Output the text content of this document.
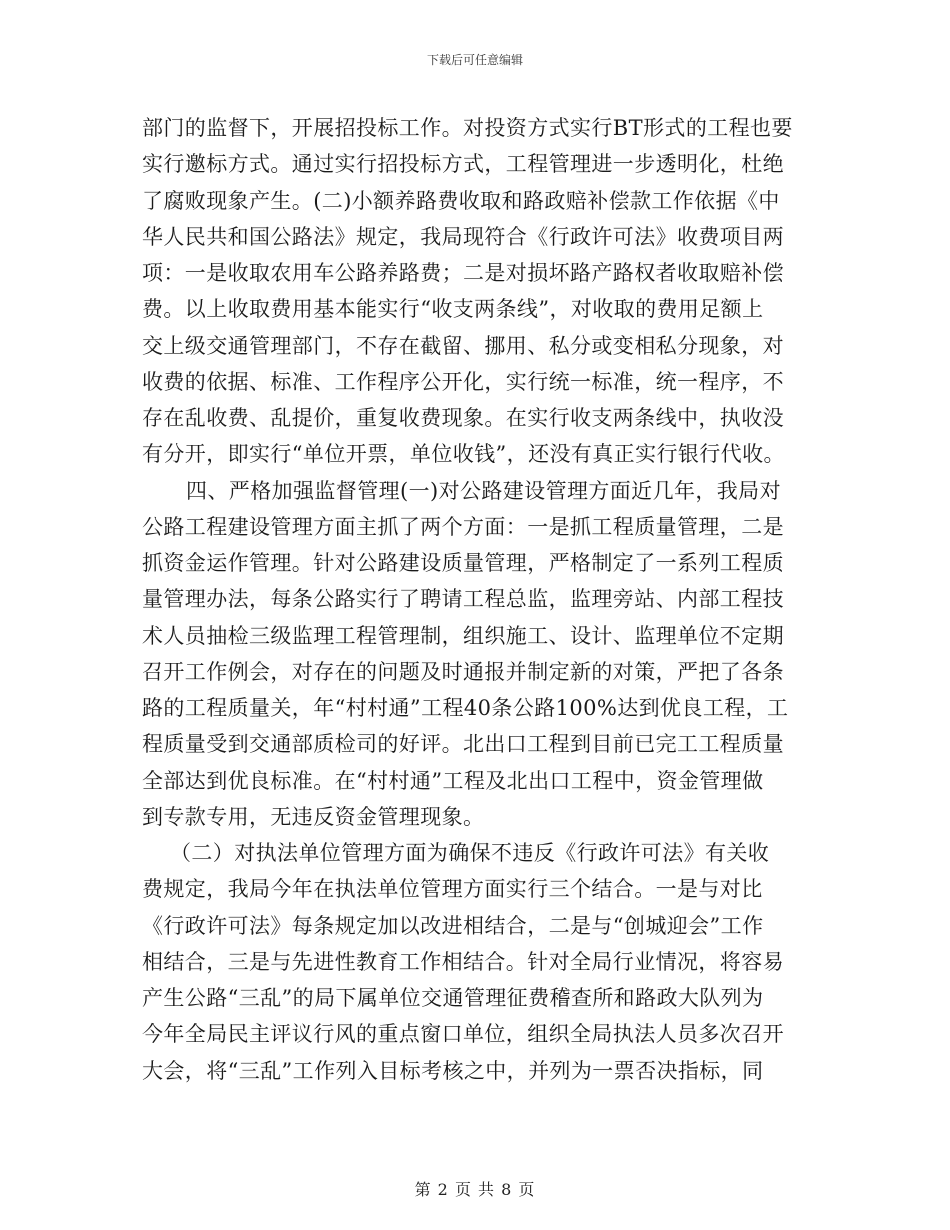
下载后可任意编辑
部门的监督下，开展招投标工作。对投资方式实行BT形式的工程也要
实行邀标方式。通过实行招投标方式，工程管理进一步透明化，杜绝
了腐败现象产生。(二)小额养路费收取和路政赔补偿款工作依据《中
华人民共和国公路法》规定，我局现符合《行政许可法》收费项目两
项：一是收取农用车公路养路费；二是对损坏路产路权者收取赔补偿
费。以上收取费用基本能实行“收支两条线”，对收取的费用足额上
交上级交通管理部门，不存在截留、挪用、私分或变相私分现象，对
收费的依据、标准、工作程序公开化，实行统一标准，统一程序，不
存在乱收费、乱提价，重复收费现象。在实行收支两条线中，执收没
有分开，即实行“单位开票，单位收钱”，还没有真正实行银行代收。
四、严格加强监督管理(一)对公路建设管理方面近几年，我局对
公路工程建设管理方面主抓了两个方面：一是抓工程质量管理，二是
抓资金运作管理。针对公路建设质量管理，严格制定了一系列工程质
量管理办法，每条公路实行了聘请工程总监，监理旁站、内部工程技
术人员抽检三级监理工程管理制，组织施工、设计、监理单位不定期
召开工作例会，对存在的问题及时通报并制定新的对策，严把了各条
路的工程质量关，年“村村通”工程40条公路100%达到优良工程，工
程质量受到交通部质检司的好评。北出口工程到目前已完工工程质量
全部达到优良标准。在“村村通”工程及北出口工程中，资金管理做
到专款专用，无违反资金管理现象。
（二）对执法单位管理方面为确保不违反《行政许可法》有关收
费规定，我局今年在执法单位管理方面实行三个结合。一是与对比
《行政许可法》每条规定加以改进相结合，二是与“创城迎会”工作
相结合，三是与先进性教育工作相结合。针对全局行业情况，将容易
产生公路“三乱”的局下属单位交通管理征费稽查所和路政大队列为
今年全局民主评议行风的重点窗口单位，组织全局执法人员多次召开
大会，将“三乱”工作列入目标考核之中，并列为一票否决指标，同
第 2 页 共 8 页
